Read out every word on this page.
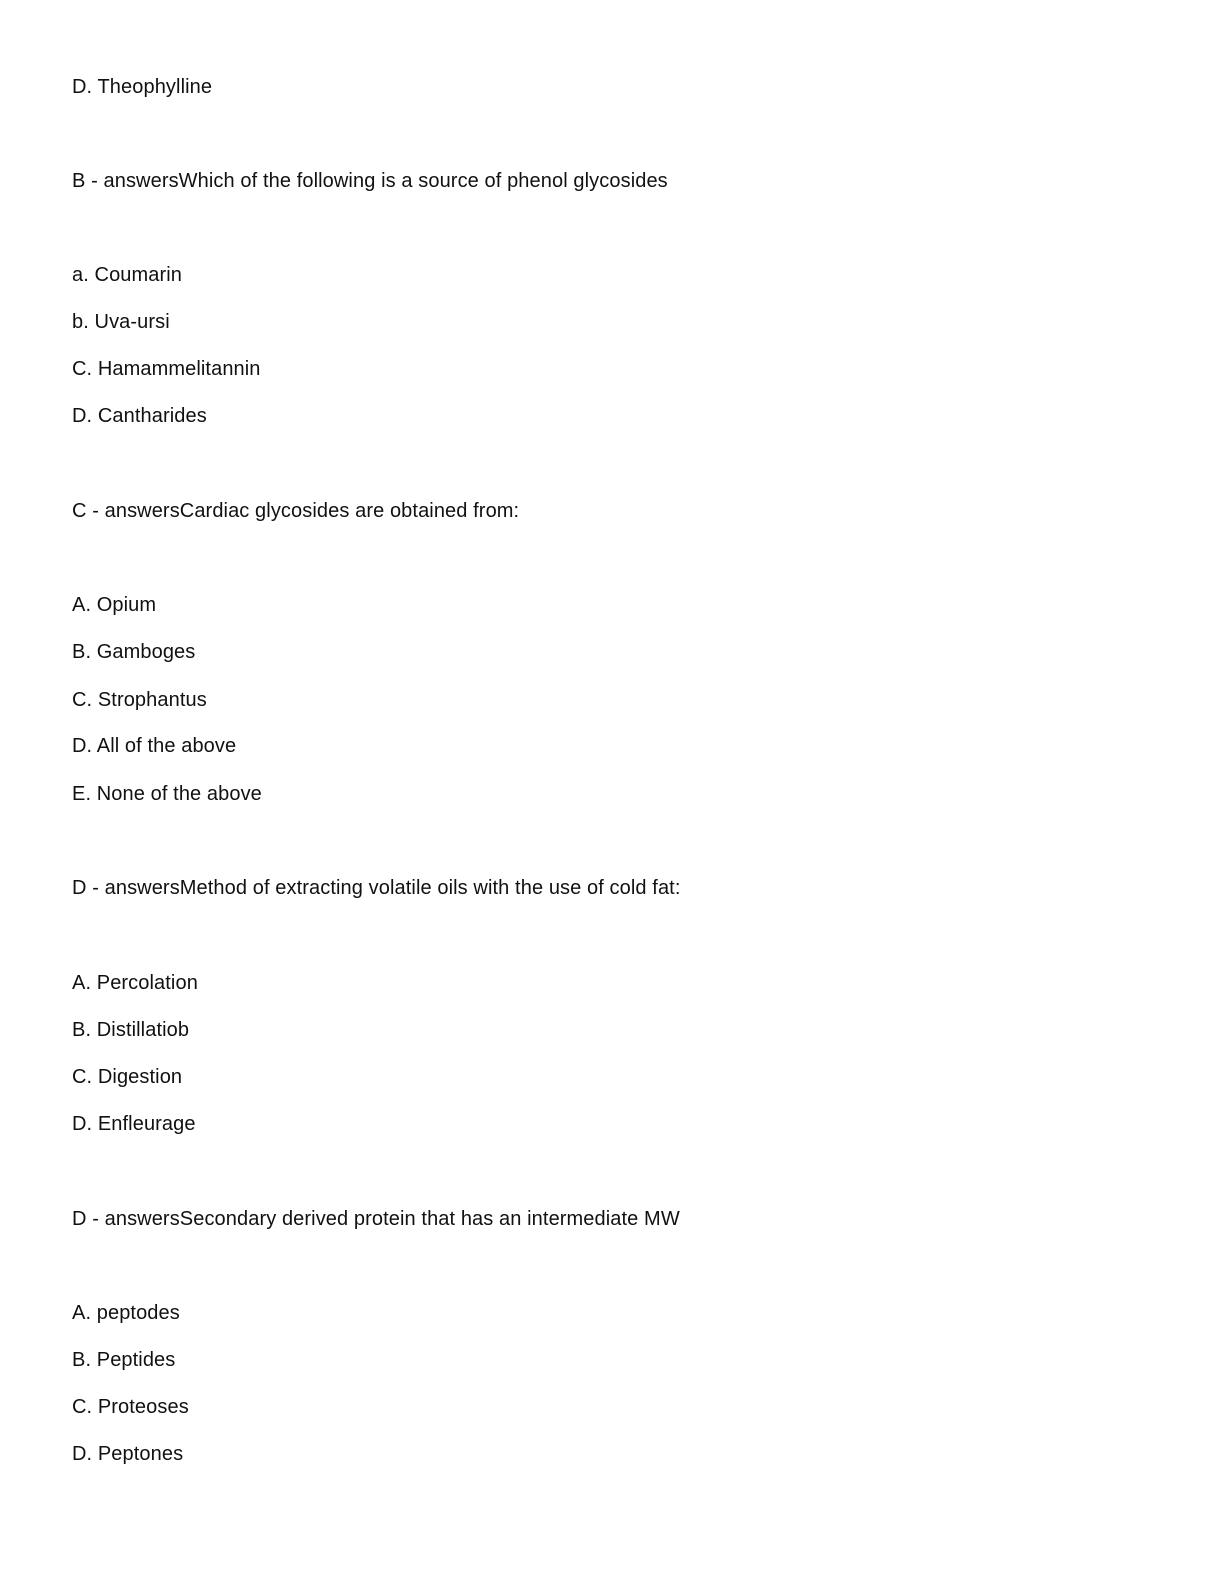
D. Theophylline
B - answersWhich of the following is a source of phenol glycosides
a. Coumarin
b. Uva-ursi
C. Hamammelitannin
D. Cantharides
C - answersCardiac glycosides are obtained from:
A. Opium
B. Gamboges
C. Strophantus
D. All of the above
E. None of the above
D - answersMethod of extracting volatile oils with the use of cold fat:
A. Percolation
B. Distillatiob
C. Digestion
D. Enfleurage
D - answersSecondary derived protein that has an intermediate MW
A. peptodes
B. Peptides
C. Proteoses
D. Peptones
